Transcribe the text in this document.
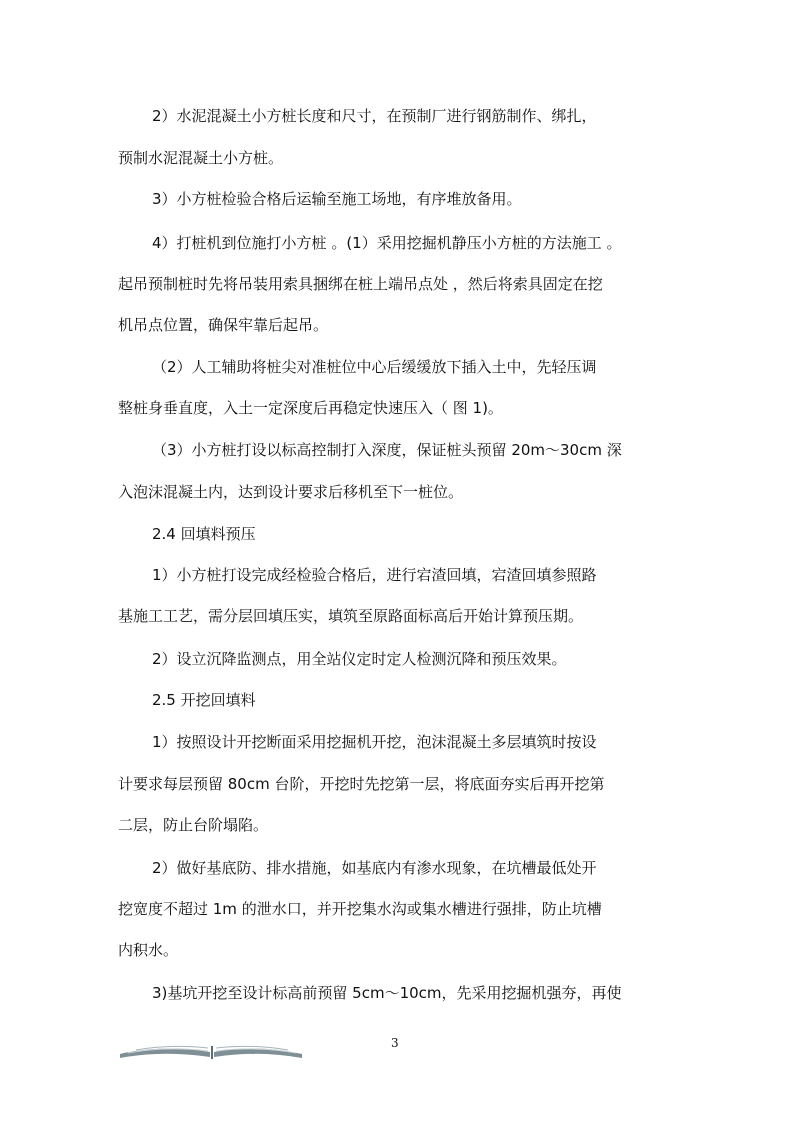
2）水泥混凝土小方桩长度和尺寸，在预制厂进行钢筋制作、绑扎，
预制水泥混凝土小方桩。
3）小方桩检验合格后运输至施工场地，有序堆放备用。
4）打桩机到位施打小方桩 。(1）采用挖掘机静压小方桩的方法施工 。
起吊预制桩时先将吊装用索具捆绑在桩上端吊点处 ，然后将索具固定在挖
机吊点位置，确保牢靠后起吊。
（2）人工辅助将桩尖对准桩位中心后缓缓放下插入土中，先轻压调
整桩身垂直度，入土一定深度后再稳定快速压入（ 图 1)。
（3）小方桩打设以标高控制打入深度，保证桩头预留 20m～30cm 深
入泡沫混凝土内，达到设计要求后移机至下一桩位。
2.4 回填料预压
1）小方桩打设完成经检验合格后，进行宕渣回填，宕渣回填参照路
基施工工艺，需分层回填压实，填筑至原路面标高后开始计算预压期。
2）设立沉降监测点，用全站仪定时定人检测沉降和预压效果。
2.5 开挖回填料
1）按照设计开挖断面采用挖掘机开挖，泡沫混凝土多层填筑时按设
计要求每层预留 80cm 台阶，开挖时先挖第一层，将底面夯实后再开挖第
二层，防止台阶塌陷。
2）做好基底防、排水措施，如基底内有渗水现象，在坑槽最低处开
挖宽度不超过 1m 的泄水口，并开挖集水沟或集水槽进行强排，防止坑槽
内积水。
3)基坑开挖至设计标高前预留 5cm～10cm，先采用挖掘机强夯，再使
3
